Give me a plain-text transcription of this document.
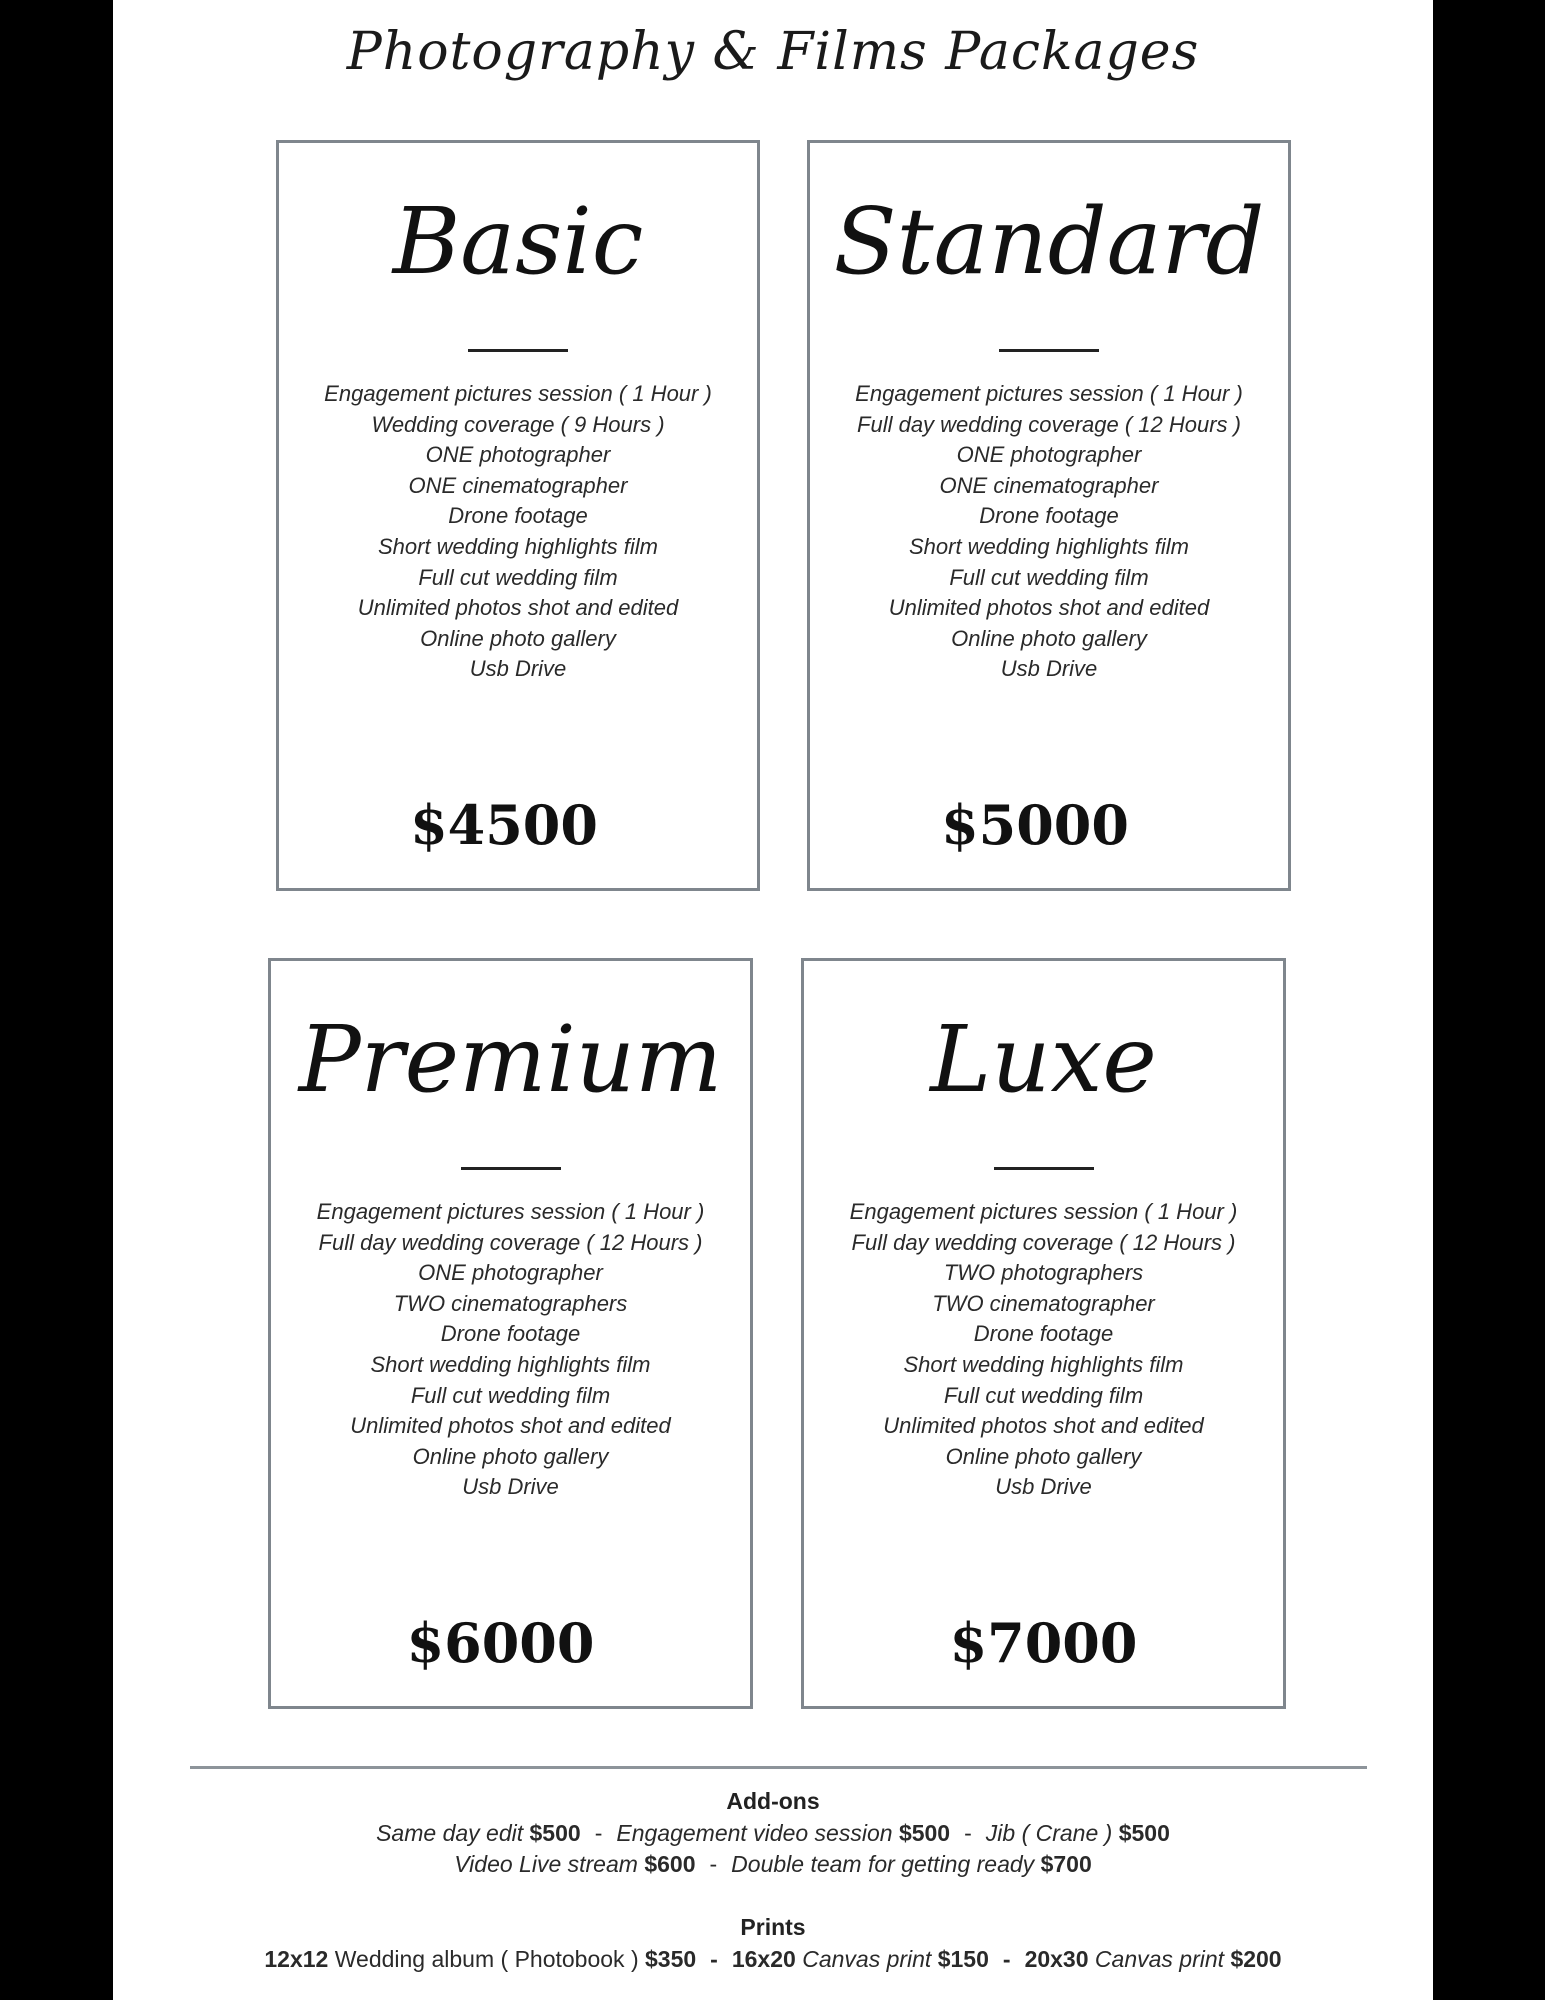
Photography & Films Packages
Basic
Engagement pictures session ( 1 Hour )
Wedding coverage ( 9 Hours )
ONE photographer
ONE cinematographer
Drone footage
Short wedding highlights film
Full cut wedding film
Unlimited photos shot and edited
Online photo gallery
Usb Drive
$4500
Standard
Engagement pictures session ( 1 Hour )
Full day wedding coverage ( 12 Hours )
ONE photographer
ONE cinematographer
Drone footage
Short wedding highlights film
Full cut wedding film
Unlimited photos shot and edited
Online photo gallery
Usb Drive
$5000
Premium
Engagement pictures session ( 1 Hour )
Full day wedding coverage ( 12 Hours )
ONE photographer
TWO cinematographers
Drone footage
Short wedding highlights film
Full cut wedding film
Unlimited photos shot and edited
Online photo gallery
Usb Drive
$6000
Luxe
Engagement pictures session ( 1 Hour )
Full day wedding coverage ( 12 Hours )
TWO photographers
TWO cinematographer
Drone footage
Short wedding highlights film
Full cut wedding film
Unlimited photos shot and edited
Online photo gallery
Usb Drive
$7000
Add-ons
Same day edit $500 - Engagement video session $500 - Jib ( Crane ) $500
Video Live stream $600 - Double team for getting ready $700
Prints
12x12 Wedding album ( Photobook ) $350 - 16x20 Canvas print $150 - 20x30 Canvas print $200
